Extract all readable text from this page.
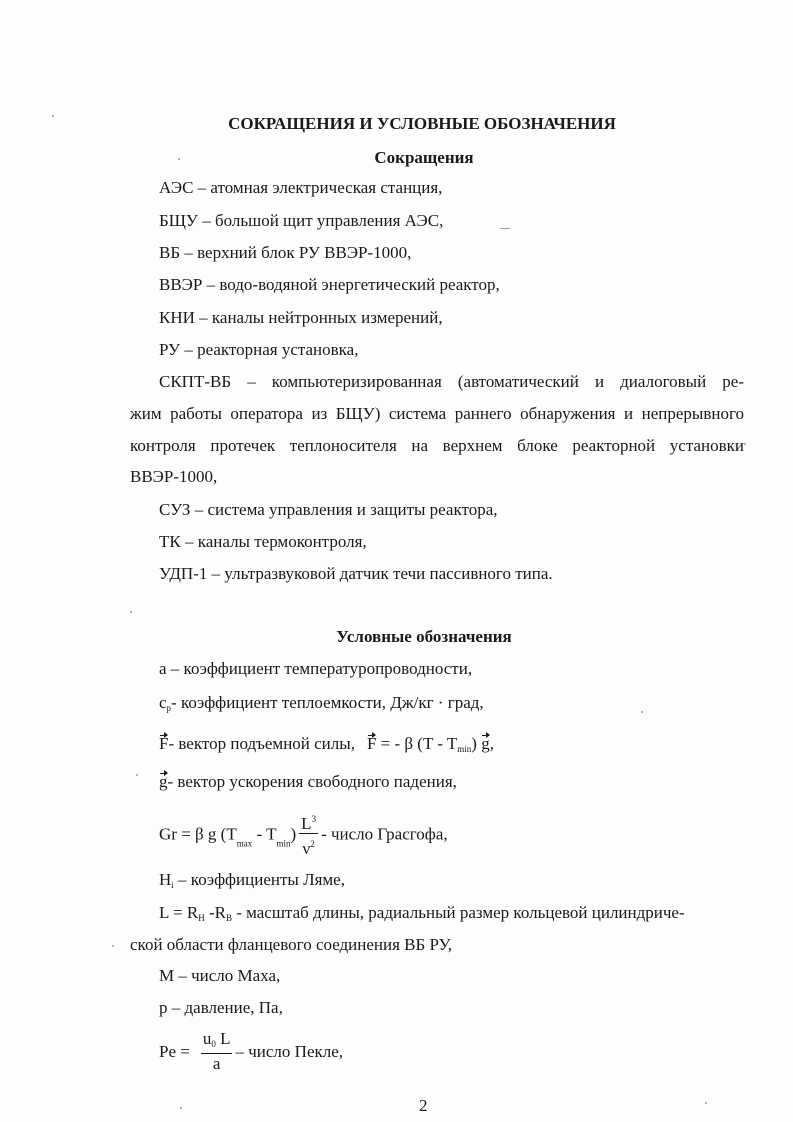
СОКРАЩЕНИЯ И УСЛОВНЫЕ ОБОЗНАЧЕНИЯ
Сокращения
АЭС – атомная электрическая станция,
БЩУ – большой щит управления АЭС,
ВБ – верхний блок РУ ВВЭР-1000,
ВВЭР – водо-водяной энергетический реактор,
КНИ – каналы нейтронных измерений,
РУ – реакторная установка,
СКПТ-ВБ – компьютеризированная (автоматический и диалоговый ре-
жим работы оператора из БЩУ) система раннего обнаружения и непрерывного
контроля протечек теплоносителя на верхнем блоке реакторной установки
ВВЭР-1000,
СУЗ – система управления и защиты реактора,
ТК – каналы термоконтроля,
УДП-1 – ультразвуковой датчик течи пассивного типа.
Условные обозначения
a – коэффициент температуропроводности,
$c_p-$ коэффициент теплоемкости, Дж/кг · град,
F- вектор подъемной силы, F = - β $(T - T_{min})$ g,
g- вектор ускорения свободного падения,
Gr = β g $(T_{max} - T_{min}) \frac{L^3}{\nu^2}$ - число Грасгофа,
$H_i$ – коэффициенты Ляме,
$L = R_Н$ $-R_В$ - масштаб длины, радиальный размер кольцевой цилиндриче-
ской области фланцевого соединения ВБ РУ,
М – число Маха,
р – давление, Па,
$Pe = \frac{u_0 L}{a}$ – число Пекле,
2
